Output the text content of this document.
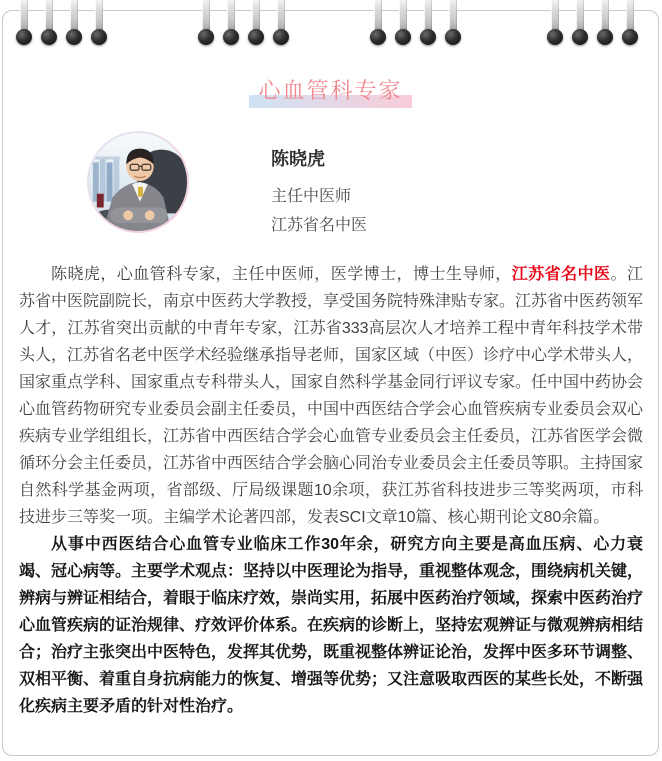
心血管科专家
陈晓虎
主任中医师
江苏省名中医

陈晓虎，心血管科专家，主任中医师，医学博士，博士生导师，江苏省名中医。江苏省中医院副院长，南京中医药大学教授，享受国务院特殊津贴专家。江苏省中医药领军人才，江苏省突出贡献的中青年专家，江苏省333高层次人才培养工程中青年科技学术带头人，江苏省名老中医学术经验继承指导老师，国家区域（中医）诊疗中心学术带头人，国家重点学科、国家重点专科带头人，国家自然科学基金同行评议专家。任中国中药协会心血管药物研究专业委员会副主任委员，中国中西医结合学会心血管疾病专业委员会双心疾病专业学组组长，江苏省中西医结合学会心血管专业委员会主任委员，江苏省医学会微循环分会主任委员，江苏省中西医结合学会脑心同治专业委员会主任委员等职。主持国家自然科学基金两项，省部级、厅局级课题10余项，获江苏省科技进步三等奖两项，市科技进步三等奖一项。主编学术论著四部，发表SCI文章10篇、核心期刊论文80余篇。

从事中西医结合心血管专业临床工作30年余，研究方向主要是高血压病、心力衰竭、冠心病等。主要学术观点：坚持以中医理论为指导，重视整体观念，围绕病机关键，辨病与辨证相结合，着眼于临床疗效，崇尚实用，拓展中医药治疗领域，探索中医药治疗心血管疾病的证治规律、疗效评价体系。在疾病的诊断上，坚持宏观辨证与微观辨病相结合；治疗主张突出中医特色，发挥其优势，既重视整体辨证论治，发挥中医多环节调整、双相平衡、着重自身抗病能力的恢复、增强等优势；又注意吸取西医的某些长处，不断强化疾病主要矛盾的针对性治疗。
